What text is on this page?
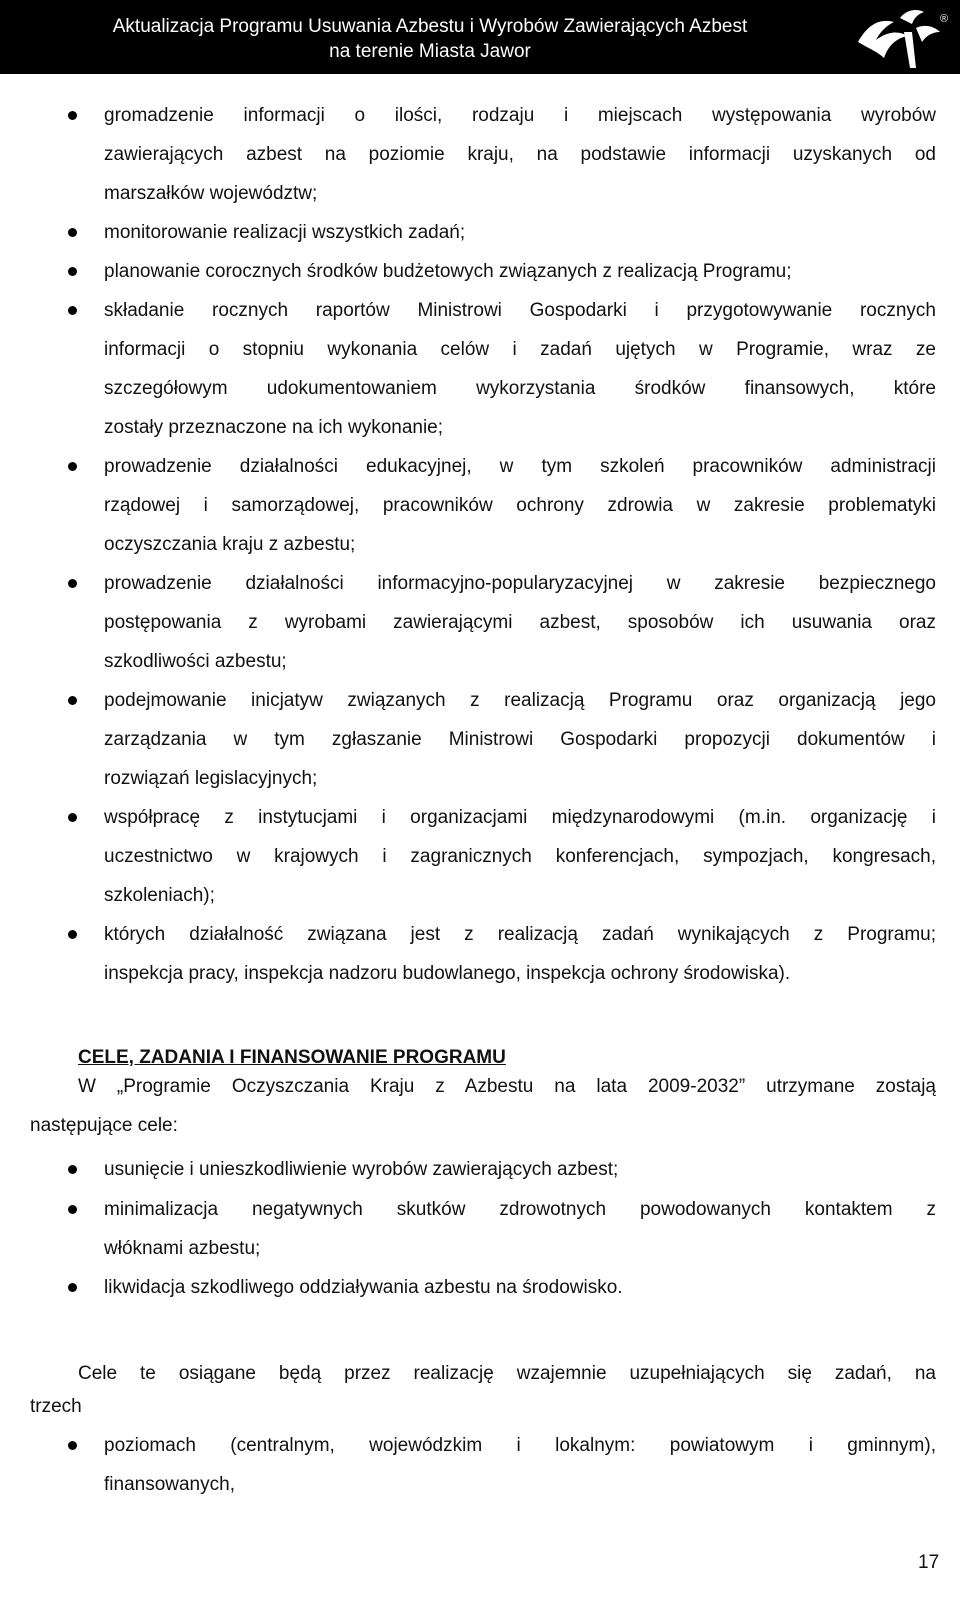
Aktualizacja Programu Usuwania Azbestu i Wyrobów Zawierających Azbest
na terenie Miasta Jawor
®
gromadzenie informacji o ilości, rodzaju i miejscach występowania wyrobów
zawierających azbest na poziomie kraju, na podstawie informacji uzyskanych od
marszałków województw;
monitorowanie realizacji wszystkich zadań;
planowanie corocznych środków budżetowych związanych z realizacją Programu;
składanie rocznych raportów Ministrowi Gospodarki i przygotowywanie rocznych
informacji o stopniu wykonania celów i zadań ujętych w Programie, wraz ze
szczegółowym udokumentowaniem wykorzystania środków finansowych, które
zostały przeznaczone na ich wykonanie;
prowadzenie działalności edukacyjnej, w tym szkoleń pracowników administracji
rządowej i samorządowej, pracowników ochrony zdrowia w zakresie problematyki
oczyszczania kraju z azbestu;
prowadzenie działalności informacyjno-popularyzacyjnej w zakresie bezpiecznego
postępowania z wyrobami zawierającymi azbest, sposobów ich usuwania oraz
szkodliwości azbestu;
podejmowanie inicjatyw związanych z realizacją Programu oraz organizacją jego
zarządzania w tym zgłaszanie Ministrowi Gospodarki propozycji dokumentów i
rozwiązań legislacyjnych;
współpracę z instytucjami i organizacjami międzynarodowymi (m.in. organizację i
uczestnictwo w krajowych i zagranicznych konferencjach, sympozjach, kongresach,
szkoleniach);
których działalność związana jest z realizacją zadań wynikających z Programu;
inspekcja pracy, inspekcja nadzoru budowlanego, inspekcja ochrony środowiska).
usunięcie i unieszkodliwienie wyrobów zawierających azbest;
minimalizacja negatywnych skutków zdrowotnych powodowanych kontaktem z
włóknami azbestu;
likwidacja szkodliwego oddziaływania azbestu na środowisko.
poziomach (centralnym, wojewódzkim i lokalnym: powiatowym i gminnym),
finansowanych,
CELE, ZADANIA I FINANSOWANIE PROGRAMU
W „Programie Oczyszczania Kraju z Azbestu na lata 2009-2032” utrzymane zostają
następujące cele:
Cele te osiągane będą przez realizację wzajemnie uzupełniających się zadań, na
trzech
17
